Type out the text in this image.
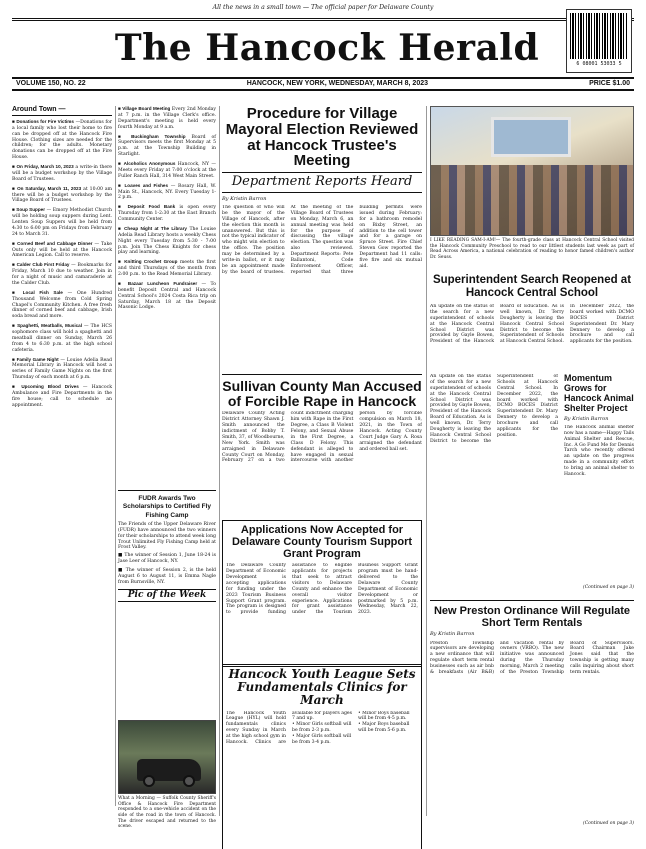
All the news in a small town — The official paper for Delaware County
The Hancock Herald	6 08001 53033 5
VOLUME 150, NO. 22	HANCOCK, NEW YORK, WEDNESDAY, MARCH 8, 2023	PRICE $1.00
Around Town —
■ Donations for Fire Victims —Donations for a local family who lost their home to fire can be dropped off at the Hancock Fire House. Clothing sizes are needed for the children; for the adults. Monetary donations can be dropped off at the Fire House.
■ On Friday, March 10, 2023 a write-in there will be a budget workshop by the Village Board of Trustees.
■ On Saturday, March 11, 2023 at 10:00 am there will be a budget workshop by the Village Board of Trustees.
■ Soup Supper — Emory Methodist Church will be holding soup suppers during Lent. Lenten Soup Suppers will be held from 4:30 to 6:00 pm on Fridays from February 24 to March 31.
■ Corned Beef and Cabbage Dinner — Take Outs only will be held at the Hancock American Legion. Call to reserve.
■ Calder Club First Friday — Bookmarks for Friday, March 10 due to weather. Join in for a night of music and camaraderie at the Calder Club.
■ Local Fish Sale — One Hundred Thousand Welcome from Cold Spring Chapel's Community Kitchen. A free fresh dinner of corned beef and cabbage, Irish soda bread and more.
■ Spaghetti, Meatballs, Musical — The HCS sophomore class will hold a spaghetti and meatball dinner on Sunday, March 26 from 4 to 6:30 p.m. at the high school cafeteria.
■ Family Game Night — Louise Adelia Read Memorial Library in Hancock will host a series of Family Game Nights on the first Thursday of each month at 6 p.m.
■ Upcoming Blood Drives — Hancock Ambulance and Fire Departments in the fire house; call to schedule an appointment.
■ Village Board Meeting Every 2nd Monday at 7 p.m. in the Village Clerk's office. Department's meeting is held every fourth Monday at 9 a.m.
■ Buckingham Township Board of Supervisors meets the first Monday at 5 p.m. at the Township Building in Starlight.
■ Alcoholics Anonymous Hancock, NY — Meets every Friday at 7:00 o'clock at the Fuller Ranch Hall, 314 West Main Street.
■ Loaves and Fishes — Rosary Hall, W. Main St., Hancock, NY. Every Tuesday 1-2 p.m.
■ Deposit Food Bank is open every Thursday from 1-2:30 at the East Branch Community Center.
■ Cheap Night at The Library The Louise Adelia Read Library hosts a weekly Chess Night every Tuesday from 5:30 - 7:00 p.m. Join The Chess Knights for chess play and learning.
■ Knitting Crochet Group meets the first and third Thursdays of the month from 2:00 p.m. to the Read Memorial Library.
■ Bazaar Luncheon Fundraiser — To benefit Deposit Central and Hancock Central School's 2024 Costa Rica trip on Saturday, March 18 at the Deposit Masonic Lodge.
FUDR Awards Two Scholarships to Certified Fly Fishing Camp
The Friends of the Upper Delaware River (FUDR) have announced the two winners for their scholarships to attend week long Trout Unlimited Fly Fishing Camp held at Frost Valley.
■ The winner of Session 1, June 18-24 is Jase Leer of Hancock, NY.
■ The winner of Session 2, is the held August 6 to August 11, is Emma Nagle from Burnsville, NY.
Pic of the Week
What a Morning — Suffolk County Sheriff's Office & Hancock Fire Department responded to a one-vehicle accident on the side of the road in the town of Hancock. The driver escaped and returned to the scene.
Procedure for Village Mayoral Election Reviewed at Hancock Trustee's Meeting
Department Reports Heard
By Kristin Barron
The question of who will be the mayor of the Village of Hancock, after the election this month is unanswered. But this is not the typical indicator of who might win election to the office. The position may be determined by a write-in ballot, or it may be an appointment made by the board of trustees. At the meeting of the Village Board of Trustees on Monday, March 6, an annual meeting was held for the purpose of discussing the village election. The question was also reviewed. Department Reports: Pete Ballantoni, Code Enforcement Officer, reported that three building permits were issued during February: for a bathroom remodel on Bixby Street, an addition to the cell tower and for a garage on Spruce Street. Fire Chief Steven Gow reported the Department had 11 calls: five fire and six mutual aid.
Sullivan County Man Accused of Forcible Rape in Hancock
Delaware County Acting District Attorney Shawn J. Smith announced the indictment of Bobby T. Smith, 37, of Woodbourne, New York. Smith was arraigned in Delaware County Court on Monday, February 27 on a two count indictment charging him with Rape in the First Degree, a Class B Violent Felony, and Sexual Abuse in the First Degree, a Class D Felony. This defendant is alleged to have engaged in sexual intercourse with another person by forcible compulsion on March 18, 2021, in the Town of Hancock. Acting County Court Judge Gary A. Rosa arraigned the defendant and ordered bail set.
Applications Now Accepted for Delaware County Tourism Support Grant Program
The Delaware County Department of Economic Development is accepting applications for funding under the 2023 Tourism Business Support Grant program. The program is designed to provide funding assistance to eligible applicants for projects that seek to attract visitors to Delaware County and enhance the overall visitor experience. Applications for grant assistance under the Tourism Business Support Grant program must be hand-delivered to the Delaware County Department of Economic Development or postmarked by 5 p.m. Wednesday, March 22, 2023.
Hancock Youth League Sets Fundamentals Clinics for March
The Hancock Youth League (HYL) will hold fundamentals clinics every Sunday in March at the high school gym in Hancock. Clinics are available for players ages 7 and up.
• Minor Girls softball will be from 2-3 p.m.
• Major Girls softball will be from 3-4 p.m.
• Minor Boys baseball will be from 4-5 p.m.
• Major Boys baseball will be from 5-6 p.m.
I LIKE READING SAM-I-AM!— The fourth-grade class at Hancock Central School visited the Hancock Community Preschool to read to our littlest students last week as part of Read Across America, a national celebration of reading to honor famed children's author Dr. Seuss.
Superintendent Search Reopened at Hancock Central School
An update on the status of the search for a new superintendent of schools at the Hancock Central School District was provided by Gayle Bowen, President of the Hancock Board of Education. As is well known, Dr. Terry Dougherty is leaving the Hancock Central School District to become the Superintendent of Schools at Hancock Central School. In December 2022, the board worked with DCMO BOCES District Superintendent Dr. Mary Dennery to develop a brochure and call applicants for the position.
An update on the status of the search for a new superintendent of schools at the Hancock Central School District was provided by Gayle Bowen, President of the Hancock Board of Education. As is well known, Dr. Terry Dougherty is leaving the Hancock Central School District to become the Superintendent of Schools at Hancock Central School. In December 2022, the board worked with DCMO BOCES District Superintendent Dr. Mary Dennery to develop a brochure and call applicants for the position.
Momentum Grows for Hancock Animal Shelter Project
By Kristin Barron
The Hancock animal shelter now has a name—Happy Tails Animal Shelter and Rescue, Inc. A Go Fund Me for Dennis Tarch who recently offered an update on the progress made in a community effort to bring an animal shelter to Hancock.
(Continued on page 3)
New Preston Ordinance Will Regulate Short Term Rentals
By Kristin Barron
Preston Township supervisors are developing a new ordinance that will regulate short term rental businesses such as air bnb & breakfasts (Air B&B) and vacation rental by owners (VRBO). The new initiative was announced during the Thursday morning, March 2 meeting of the Preston Township Board of Supervisors. Board Chairman Jake Jones said that the township is getting many calls inquiring about short term rentals.
(Continued on page 3)
